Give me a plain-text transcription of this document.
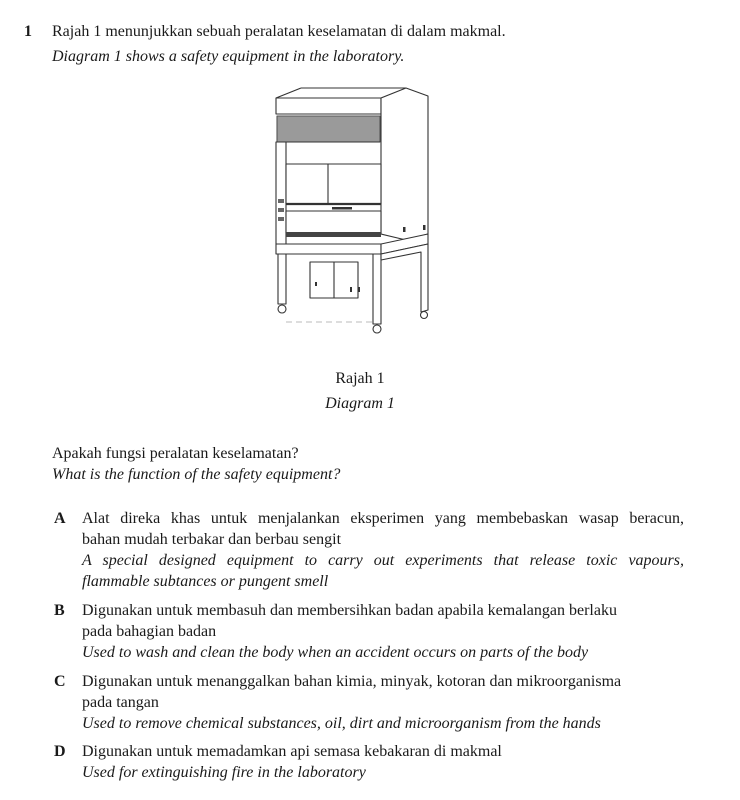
1 Rajah 1 menunjukkan sebuah peralatan keselamatan di dalam makmal.
Diagram 1 shows a safety equipment in the laboratory.
Rajah 1
Diagram 1
Apakah fungsi peralatan keselamatan?
What is the function of the safety equipment?
A Alat direka khas untuk menjalankan eksperimen yang membebaskan wasap beracun,
bahan mudah terbakar dan berbau sengit
A special designed equipment to carry out experiments that release toxic vapours,
flammable subtances or pungent smell
B Digunakan untuk membasuh dan membersihkan badan apabila kemalangan berlaku
pada bahagian badan
Used to wash and clean the body when an accident occurs on parts of the body
C Digunakan untuk menanggalkan bahan kimia, minyak, kotoran dan mikroorganisma
pada tangan
Used to remove chemical substances, oil, dirt and microorganism from the hands
D Digunakan untuk memadamkan api semasa kebakaran di makmal
Used for extinguishing fire in the laboratory
